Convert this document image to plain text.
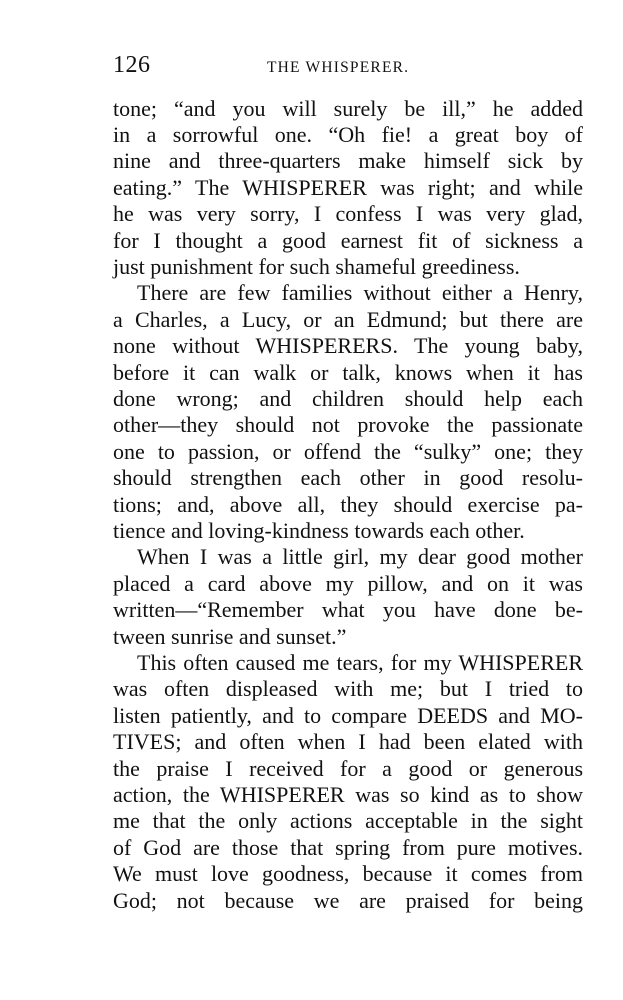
126	THE WHISPERER.
tone; “and you will surely be ill,” he added
in a sorrowful one. “Oh fie! a great boy of
nine and three-quarters make himself sick by
eating.” The WHISPERER was right; and while
he was very sorry, I confess I was very glad,
for I thought a good earnest fit of sickness a
just punishment for such shameful greediness.
There are few families without either a Henry,
a Charles, a Lucy, or an Edmund; but there are
none without WHISPERERS. The young baby,
before it can walk or talk, knows when it has
done wrong; and children should help each
other—they should not provoke the passionate
one to passion, or offend the “sulky” one; they
should strengthen each other in good resolu-
tions; and, above all, they should exercise pa-
tience and loving-kindness towards each other.
When I was a little girl, my dear good mother
placed a card above my pillow, and on it was
written—“Remember what you have done be-
tween sunrise and sunset.”
This often caused me tears, for my WHISPERER
was often displeased with me; but I tried to
listen patiently, and to compare DEEDS and MO-
TIVES; and often when I had been elated with
the praise I received for a good or generous
action, the WHISPERER was so kind as to show
me that the only actions acceptable in the sight
of God are those that spring from pure motives.
We must love goodness, because it comes from
God; not because we are praised for being
